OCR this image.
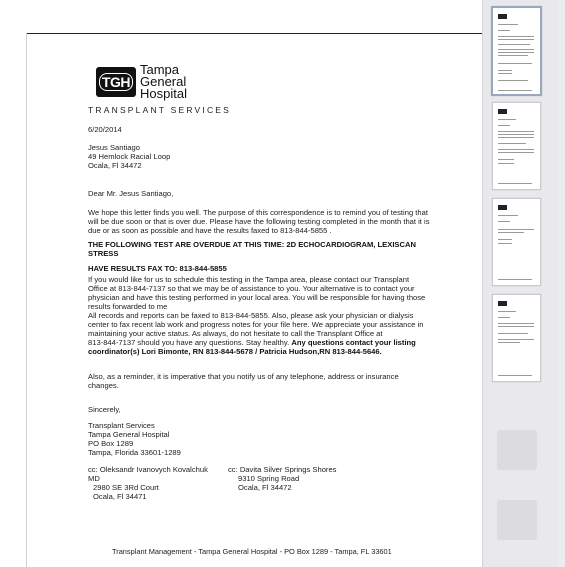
TGH
Tampa
General
Hospital
TRANSPLANT SERVICES
6/20/2014
Jesus Santiago
49 Hemlock Racial Loop
Ocala, Fl 34472
Dear Mr. Jesus Santiago,
We hope this letter finds you well. The purpose of this correspondence is to remind you of testing that
will be due soon or that is over due. Please have the following testing completed in the month that it is
due or as soon as possible and have the results faxed to 813-844-5855 .
THE FOLLOWING TEST ARE OVERDUE AT THIS TIME: 2D ECHOCARDIOGRAM, LEXISCAN
STRESS
HAVE RESULTS FAX TO: 813-844-5855
If you would like for us to schedule this testing in the Tampa area, please contact our Transplant
Office at 813-844-7137 so that we may be of assistance to you. Your alternative is to contact your
physician and have this testing performed in your local area. You will be responsible for having those
results forwarded to me
All records and reports can be faxed to 813-844-5855. Also, please ask your physician or dialysis
center to fax recent lab work and progress notes for your file here. We appreciate your assistance in
maintaining your active status. As always, do not hesitate to call the Transplant Office at
813-844-7137 should you have any questions. Stay healthy. Any questions contact your listing
coordinator(s) Lori Bimonte, RN 813-844-5678 / Patricia Hudson,RN 813-844-5646.
Also, as a reminder, it is imperative that you notify us of any telephone, address or insurance
changes.
Sincerely,
Transplant Services
Tampa General Hospital
PO Box 1289
Tampa, Florida 33601-1289
cc: Oleksandr Ivanovych Kovalchuk
MD
2980 SE 3Rd Court
Ocala, Fl 34471
cc: Davita Silver Springs Shores
9310 Spring Road
Ocala, Fl 34472
Transplant Management - Tampa General Hospital - PO Box 1289 - Tampa, FL 33601
